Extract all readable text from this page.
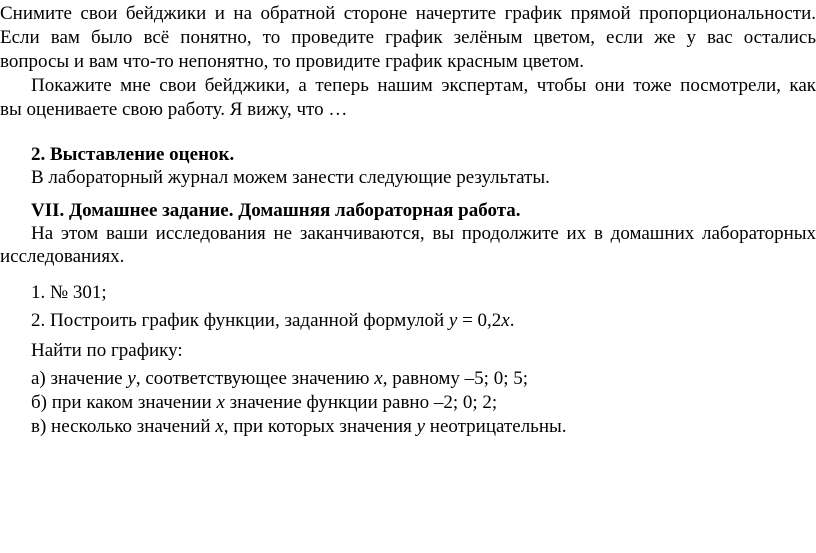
Снимите свои бейджики и на обратной стороне начертите график прямой пропорциональности.
Если вам было всё понятно, то проведите график зелёным цветом, если же у вас остались
вопросы и вам что-то непонятно, то провидите график красным цветом.
Покажите мне свои бейджики, а теперь нашим экспертам, чтобы они тоже посмотрели, как
вы оцениваете свою работу. Я вижу, что …
2. Выставление оценок.
В лабораторный журнал можем занести следующие результаты.
VII. Домашнее задание. Домашняя лабораторная работа.
На этом ваши исследования не заканчиваются, вы продолжите их в домашних лабораторных
исследованиях.
1. № 301;
2. Построить график функции, заданной формулой y = 0,2x.
Найти по графику:
а) значение y, соответствующее значению x, равному –5; 0; 5;
б) при каком значении x значение функции равно –2; 0; 2;
в) несколько значений x, при которых значения y неотрицательны.
